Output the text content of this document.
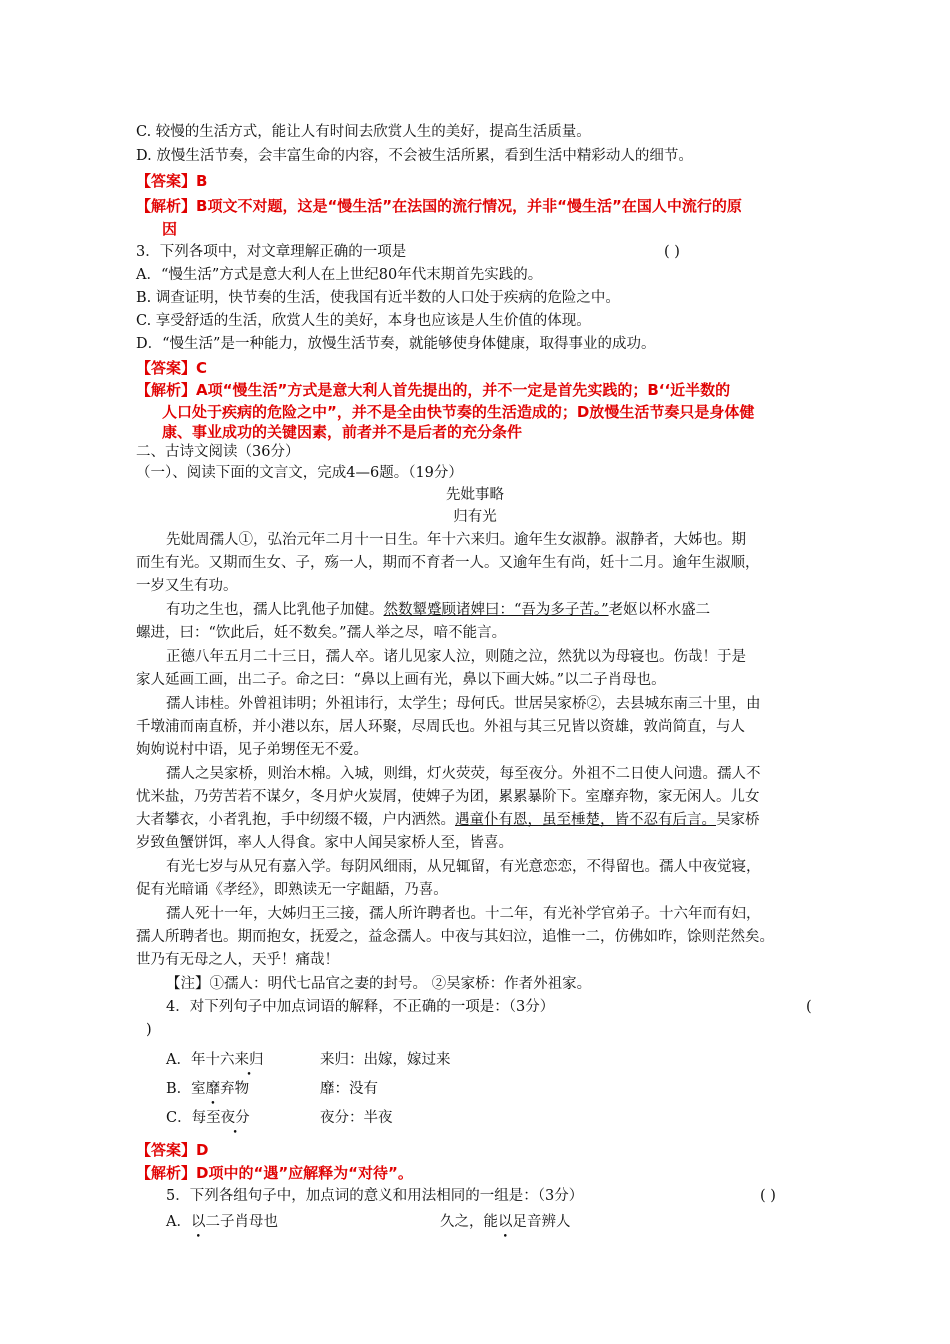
C. 较慢的生活方式，能让人有时间去欣赏人生的美好，提高生活质量。
D. 放慢生活节奏，会丰富生命的内容，不会被生活所累，看到生活中精彩动人的细节。
【答案】B
【解析】B项文不对题，这是“慢生活”在法国的流行情况，并非“慢生活”在国人中流行的原
因
3．下列各项中，对文章理解正确的一项是	( )
A．“慢生活”方式是意大利人在上世纪80年代末期首先实践的。
B. 调查证明，快节奏的生活，使我国有近半数的人口处于疾病的危险之中。
C. 享受舒适的生活，欣赏人生的美好，本身也应该是人生价值的体现。
D．“慢生活”是一种能力，放慢生活节奏，就能够使身体健康，取得事业的成功。
【答案】C
【解析】A项“慢生活”方式是意大利人首先提出的，并不一定是首先实践的；B‘‘近半数的
人口处于疾病的危险之中”，并不是全由快节奏的生活造成的；D放慢生活节奏只是身体健
康、事业成功的关键因素，前者并不是后者的充分条件
二、古诗文阅读（36分）
（一）、阅读下面的文言文，完成4—6题。（19分）
先妣事略
归有光
先妣周孺人①，弘治元年二月十一日生。年十六来归。逾年生女淑静。淑静者，大姊也。期
而生有光。又期而生女、子，殇一人，期而不育者一人。又逾年生有尚，妊十二月。逾年生淑顺，
一岁又生有功。
有功之生也，孺人比乳他子加健。然数颦蹙顾诸婢曰：“吾为多子苦。”老妪以杯水盛二
螺进，曰：“饮此后，妊不数矣。”孺人举之尽，喑不能言。
正德八年五月二十三日，孺人卒。诸儿见家人泣，则随之泣，然犹以为母寝也。伤哉！于是
家人延画工画，出二子。命之曰：“鼻以上画有光，鼻以下画大姊。”以二子肖母也。
孺人讳桂。外曾祖讳明；外祖讳行，太学生；母何氏。世居吴家桥②，去县城东南三十里，由
千墩浦而南直桥，并小港以东，居人环聚，尽周氏也。外祖与其三兄皆以资雄，敦尚简直，与人
姁姁说村中语，见子弟甥侄无不爱。
孺人之吴家桥，则治木棉。入城，则缉，灯火荧荧，每至夜分。外祖不二日使人问遗。孺人不
忧米盐，乃劳苦若不谋夕，冬月炉火炭屑，使婢子为团，累累暴阶下。室靡弃物，家无闲人。儿女
大者攀衣，小者乳抱，手中纫缀不辍，户内洒然。遇童仆有恩，虽至棰楚，皆不忍有后言。吴家桥
岁致鱼蟹饼饵，率人人得食。家中人闻吴家桥人至，皆喜。
有光七岁与从兄有嘉入学。每阴风细雨，从兄辄留，有光意恋恋，不得留也。孺人中夜觉寝，
促有光暗诵《孝经》，即熟读无一字龃龉，乃喜。
孺人死十一年，大姊归王三接，孺人所许聘者也。十二年，有光补学官弟子。十六年而有妇，
孺人所聘者也。期而抱女，抚爱之，益念孺人。中夜与其妇泣，追惟一二，仿佛如昨，馀则茫然矣。
世乃有无母之人，天乎！痛哉！
【注】①孺人：明代七品官之妻的封号。 ②吴家桥：作者外祖家。
4．对下列句子中加点词语的解释，不正确的一项是：（3分）	(
)
A．年十六来归	来归：出嫁，嫁过来
B．室靡弃物	靡：没有
C．每至夜分	夜分：半夜
【答案】D
【解析】D项中的“遇”应解释为“对待”。
5．下列各组句子中，加点词的意义和用法相同的一组是：（3分）	( )
A．以二子肖母也	久之，能以足音辨人
